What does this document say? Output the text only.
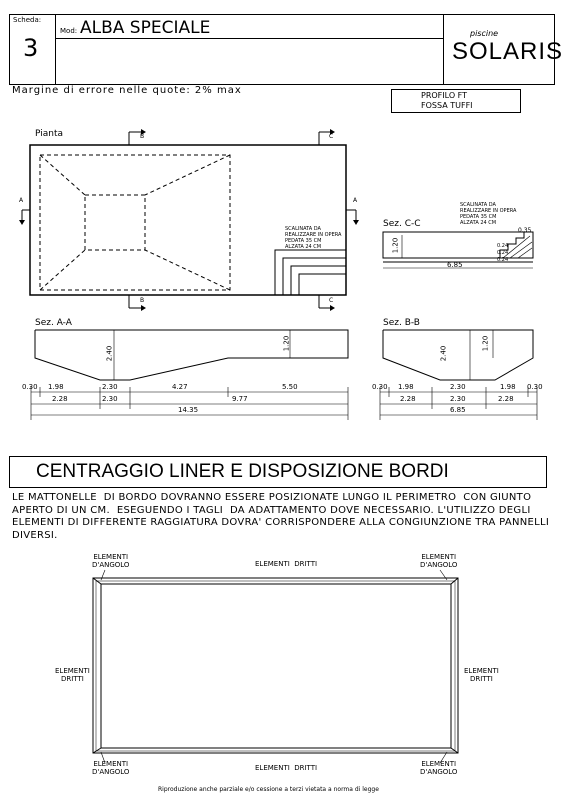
Scheda:
3
Mod: ALBA SPECIALE	piscine
SOLARIS
Margine di errore nelle quote: 2% max	PROFILO FT
FOSSA TUFFI
Pianta	B
B
C
C
A	A
SCALINATA DA
REALIZZARE IN OPERA
PEDATA 35 CM
ALZATA 24 CM
Sez. C-C
SCALINATA DA
REALIZZARE IN OPERA
PEDATA 35 CM
ALZATA 24 CM
1.20
6.85
0.35
0.24
0.24
0.24
Sez. A-A
2.40
1.20
0.30 1.98	2.30	4.27	5.50
2.28	2.30	9.77
14.35
Sez. B-B
2.40
1.20
0.30 1.98	2.30	1.98 0.30
2.28	2.30	2.28
6.85
CENTRAGGIO LINER E DISPOSIZIONE BORDI
LE MATTONELLE  DI BORDO DOVRANNO ESSERE POSIZIONATE LUNGO IL PERIMETRO  CON GIUNTO
APERTO DI UN CM.  ESEGUENDO I TAGLI  DA ADATTAMENTO DOVE NECESSARIO. L'UTILIZZO DEGLI
ELEMENTI DI DIFFERENTE RAGGIATURA DOVRA' CORRISPONDERE ALLA CONGIUNZIONE TRA PANNELLI
DIVERSI.
ELEMENTI
D'ANGOLO
ELEMENTI
D'ANGOLO
ELEMENTI
D'ANGOLO
ELEMENTI
D'ANGOLO
ELEMENTI  DRITTI
ELEMENTI  DRITTI
ELEMENTI
DRITTI
ELEMENTI
DRITTI
Riproduzione anche parziale e/o cessione a terzi vietata a norma di legge
